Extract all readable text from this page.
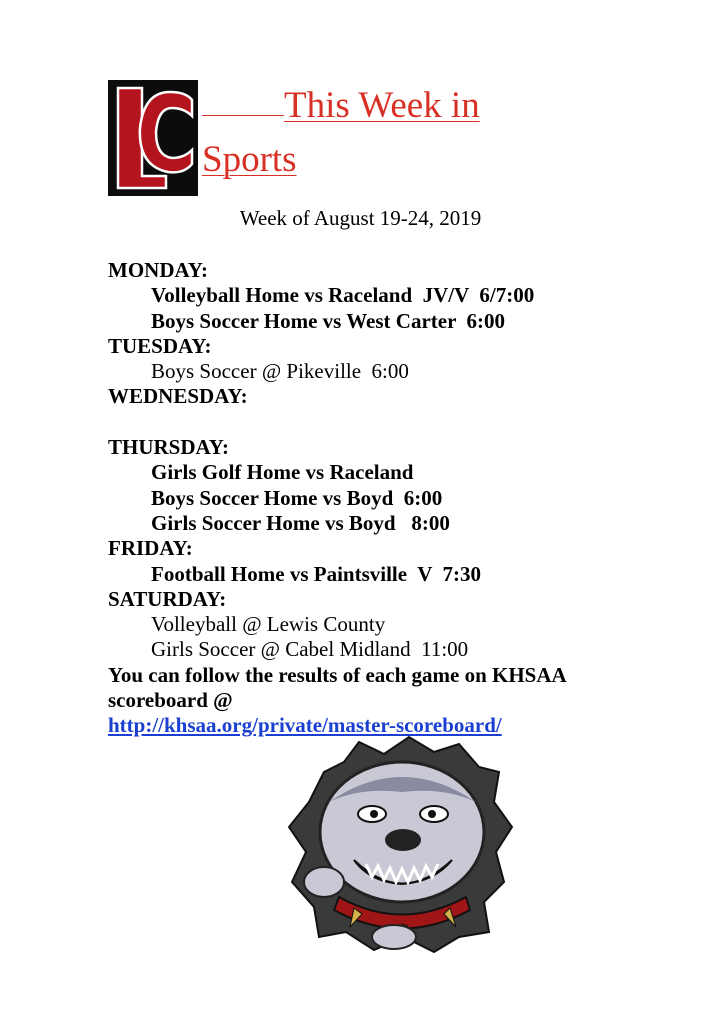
This Week in
Sports
Week of August 19-24, 2019
MONDAY:
Volleyball Home vs Raceland  JV/V  6/7:00
Boys Soccer Home vs West Carter  6:00
TUESDAY:
Boys Soccer @ Pikeville  6:00
WEDNESDAY:
THURSDAY:
Girls Golf Home vs Raceland
Boys Soccer Home vs Boyd  6:00
Girls Soccer Home vs Boyd   8:00
FRIDAY:
Football Home vs Paintsville  V  7:30
SATURDAY:
Volleyball @ Lewis County
Girls Soccer @ Cabel Midland  11:00
You can follow the results of each game on KHSAA
scoreboard @
http://khsaa.org/private/master-scoreboard/
